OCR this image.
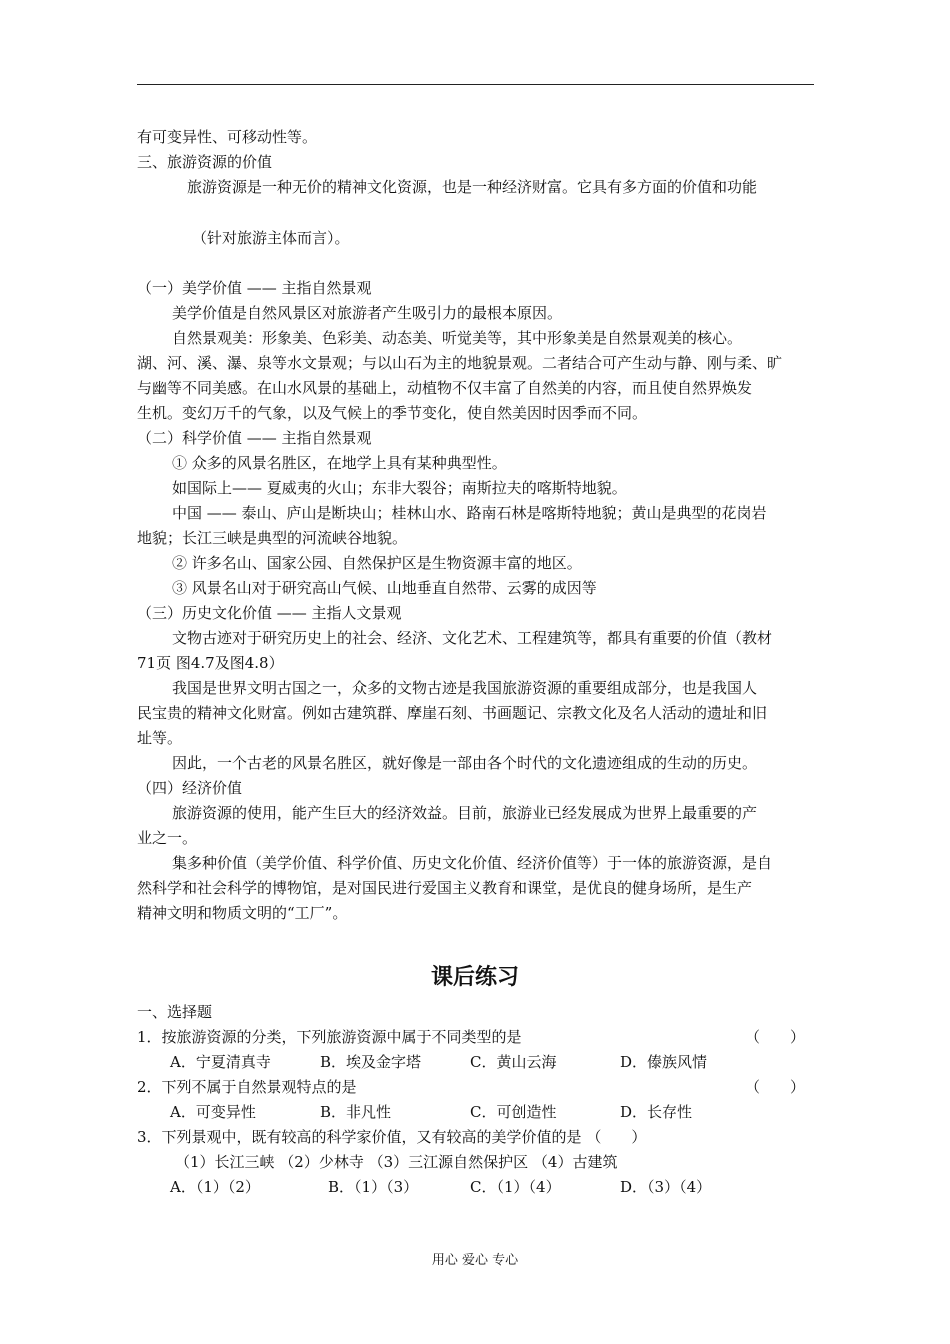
有可变异性、可移动性等。
三、旅游资源的价值
旅游资源是一种无价的精神文化资源，也是一种经济财富。它具有多方面的价值和功能
（针对旅游主体而言）。
（一）美学价值 —— 主指自然景观
美学价值是自然风景区对旅游者产生吸引力的最根本原因。
自然景观美：形象美、色彩美、动态美、听觉美等，其中形象美是自然景观美的核心。
湖、河、溪、瀑、泉等水文景观；与以山石为主的地貌景观。二者结合可产生动与静、刚与柔、旷
与幽等不同美感。在山水风景的基础上，动植物不仅丰富了自然美的内容，而且使自然界焕发
生机。变幻万千的气象，以及气候上的季节变化，使自然美因时因季而不同。
（二）科学价值 —— 主指自然景观
① 众多的风景名胜区，在地学上具有某种典型性。
如国际上—— 夏威夷的火山；东非大裂谷；南斯拉夫的喀斯特地貌。
中国 —— 泰山、庐山是断块山；桂林山水、路南石林是喀斯特地貌；黄山是典型的花岗岩
地貌；长江三峡是典型的河流峡谷地貌。
② 许多名山、国家公园、自然保护区是生物资源丰富的地区。
③ 风景名山对于研究高山气候、山地垂直自然带、云雾的成因等
（三）历史文化价值 —— 主指人文景观
文物古迹对于研究历史上的社会、经济、文化艺术、工程建筑等，都具有重要的价值（教材
71页 图4.7及图4.8）
我国是世界文明古国之一，众多的文物古迹是我国旅游资源的重要组成部分，也是我国人
民宝贵的精神文化财富。例如古建筑群、摩崖石刻、书画题记、宗教文化及名人活动的遗址和旧
址等。
因此，一个古老的风景名胜区，就好像是一部由各个时代的文化遗迹组成的生动的历史。
（四）经济价值
旅游资源的使用，能产生巨大的经济效益。目前，旅游业已经发展成为世界上最重要的产
业之一。
集多种价值（美学价值、科学价值、历史文化价值、经济价值等）于一体的旅游资源，是自
然科学和社会科学的博物馆，是对国民进行爱国主义教育和课堂，是优良的健身场所，是生产
精神文明和物质文明的“工厂”。
课后练习
一、选择题
1．按旅游资源的分类，下列旅游资源中属于不同类型的是	（　　）
A．宁夏清真寺	B．埃及金字塔	C．黄山云海	D．傣族风情
2．下列不属于自然景观特点的是	（　　）
A．可变异性	B．非凡性	C．可创造性	D．长存性
3．下列景观中，既有较高的科学家价值，又有较高的美学价值的是 （　　）
（1）长江三峡 （2）少林寺 （3）三江源自然保护区 （4）古建筑
A．（1）（2）	B．（1）（3）	C．（1）（4）	D．（3）（4）
用心 爱心 专心
